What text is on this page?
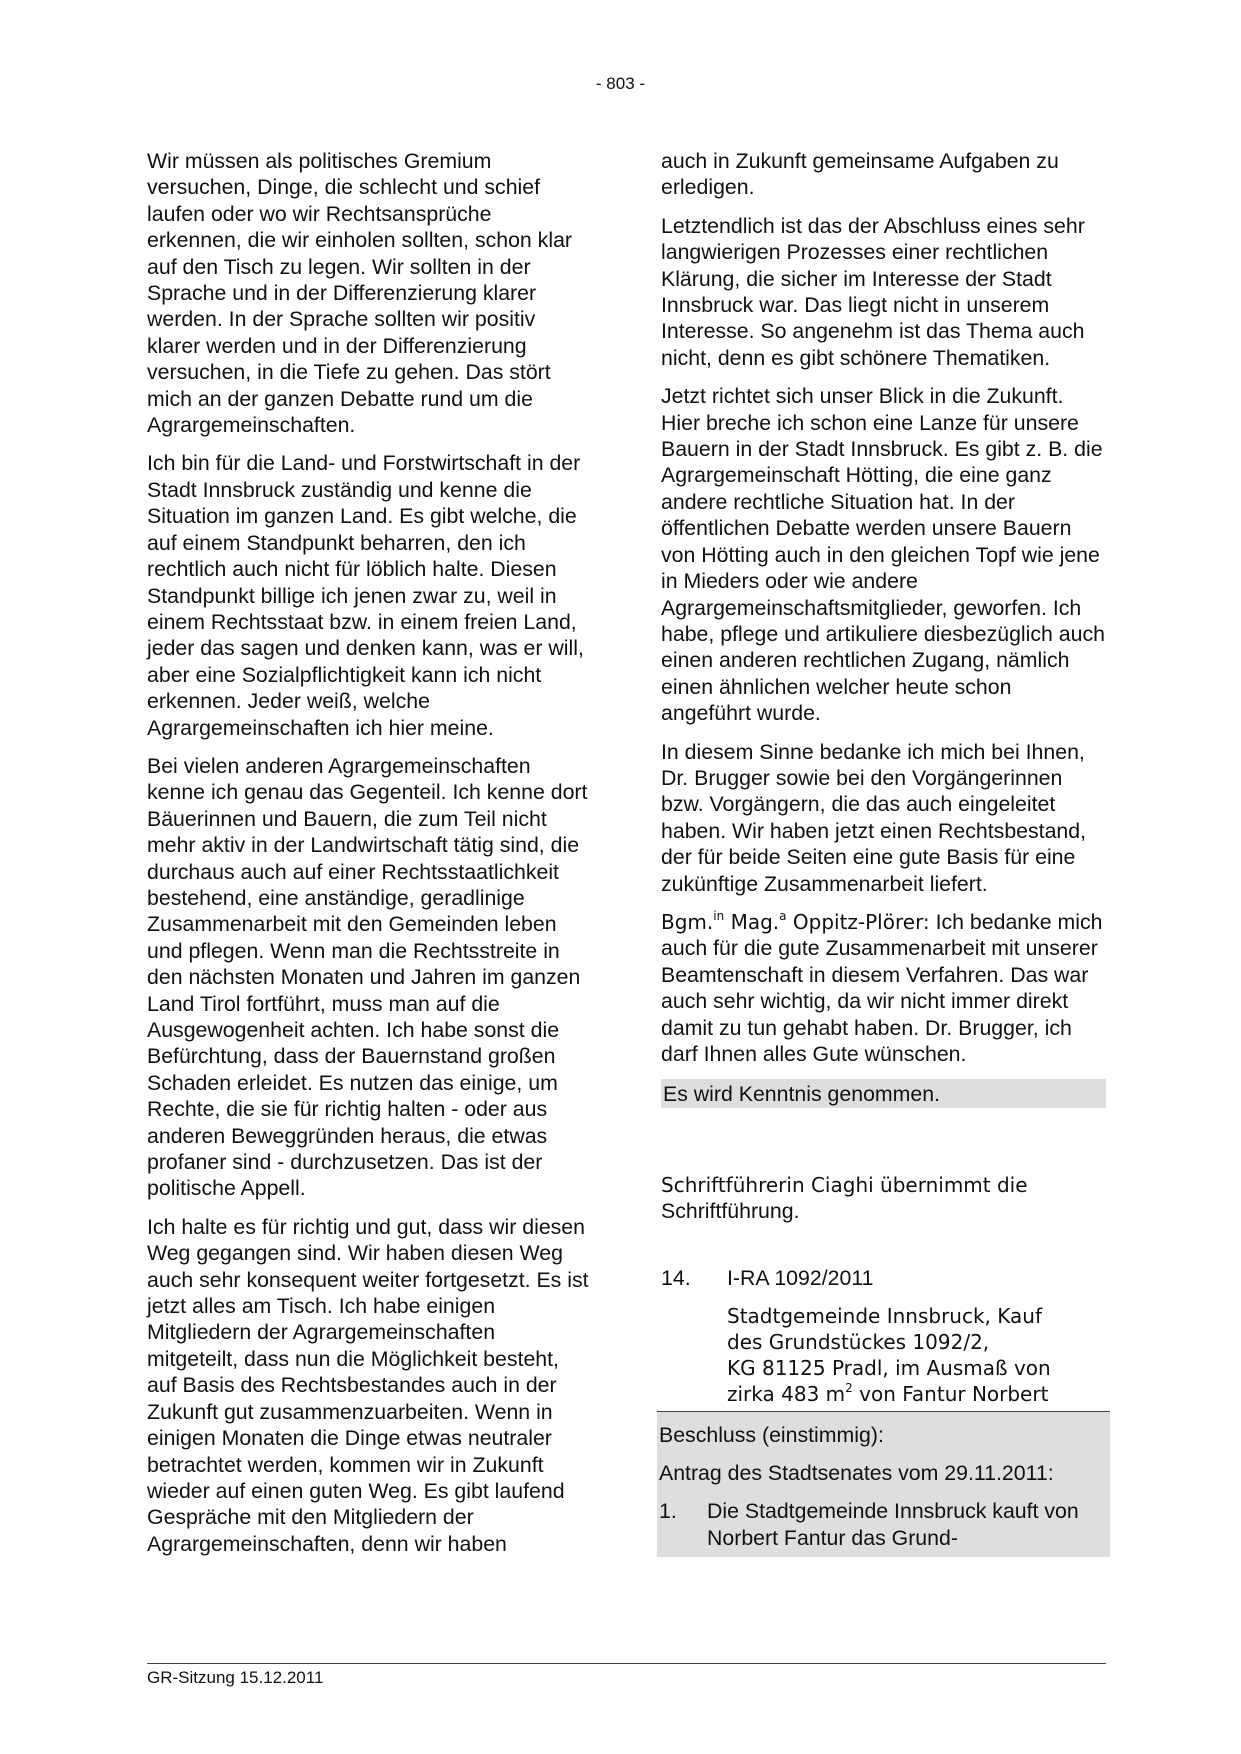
- 803 -

Wir müssen als politisches Gremium versuchen, Dinge, die schlecht und schief laufen oder wo wir Rechtsansprüche erkennen, die wir einholen sollten, schon klar auf den Tisch zu legen. Wir sollten in der Sprache und in der Differenzierung klarer werden. In der Sprache sollten wir positiv klarer werden und in der Differenzierung versuchen, in die Tiefe zu gehen. Das stört mich an der ganzen Debatte rund um die Agrargemeinschaften.

Ich bin für die Land- und Forstwirtschaft in der Stadt Innsbruck zuständig und kenne die Situation im ganzen Land. Es gibt welche, die auf einem Standpunkt beharren, den ich rechtlich auch nicht für löblich halte. Diesen Standpunkt billige ich jenen zwar zu, weil in einem Rechtsstaat bzw. in einem freien Land, jeder das sagen und denken kann, was er will, aber eine Sozialpflichtigkeit kann ich nicht erkennen. Jeder weiß, welche Agrargemeinschaften ich hier meine.

Bei vielen anderen Agrargemeinschaften kenne ich genau das Gegenteil. Ich kenne dort Bäuerinnen und Bauern, die zum Teil nicht mehr aktiv in der Landwirtschaft tätig sind, die durchaus auch auf einer Rechtsstaatlichkeit bestehend, eine anständige, geradlinige Zusammenarbeit mit den Gemeinden leben und pflegen. Wenn man die Rechtsstreite in den nächsten Monaten und Jahren im ganzen Land Tirol fortführt, muss man auf die Ausgewogenheit achten. Ich habe sonst die Befürchtung, dass der Bauernstand großen Schaden erleidet. Es nutzen das einige, um Rechte, die sie für richtig halten - oder aus anderen Beweggründen heraus, die etwas profaner sind - durchzusetzen. Das ist der politische Appell.

Ich halte es für richtig und gut, dass wir diesen Weg gegangen sind. Wir haben diesen Weg auch sehr konsequent weiter fortgesetzt. Es ist jetzt alles am Tisch. Ich habe einigen Mitgliedern der Agrargemeinschaften mitgeteilt, dass nun die Möglichkeit besteht, auf Basis des Rechtsbestandes auch in der Zukunft gut zusammenzuarbeiten. Wenn in einigen Monaten die Dinge etwas neutraler betrachtet werden, kommen wir in Zukunft wieder auf einen guten Weg. Es gibt laufend Gespräche mit den Mitgliedern der Agrargemeinschaften, denn wir haben

auch in Zukunft gemeinsame Aufgaben zu erledigen.

Letztendlich ist das der Abschluss eines sehr langwierigen Prozesses einer rechtlichen Klärung, die sicher im Interesse der Stadt Innsbruck war. Das liegt nicht in unserem Interesse. So angenehm ist das Thema auch nicht, denn es gibt schönere Thematiken.

Jetzt richtet sich unser Blick in die Zukunft. Hier breche ich schon eine Lanze für unsere Bauern in der Stadt Innsbruck. Es gibt z. B. die Agrargemeinschaft Hötting, die eine ganz andere rechtliche Situation hat. In der öffentlichen Debatte werden unsere Bauern von Hötting auch in den gleichen Topf wie jene in Mieders oder wie andere Agrargemeinschaftsmitglieder, geworfen. Ich habe, pflege und artikuliere diesbezüglich auch einen anderen rechtlichen Zugang, nämlich einen ähnlichen welcher heute schon angeführt wurde.

In diesem Sinne bedanke ich mich bei Ihnen, Dr. Brugger sowie bei den Vorgängerinnen bzw. Vorgängern, die das auch eingeleitet haben. Wir haben jetzt einen Rechtsbestand, der für beide Seiten eine gute Basis für eine zukünftige Zusammenarbeit liefert.

Bgm.$^{in}$ Mag.$^a$ Oppitz-Plörer: Ich bedanke mich auch für die gute Zusammenarbeit mit unserer Beamtenschaft in diesem Verfahren. Das war auch sehr wichtig, da wir nicht immer direkt damit zu tun gehabt haben. Dr. Brugger, ich darf Ihnen alles Gute wünschen.

Es wird Kenntnis genommen.

Schriftführerin Ciaghi übernimmt die Schriftführung.

14. I-RA 1092/2011

Stadtgemeinde Innsbruck, Kauf
des Grundstückes 1092/2,
KG 81125 Pradl, im Ausmaß von
zirka 483 $m^2$ von Fantur Norbert

Beschluss (einstimmig):

Antrag des Stadtsenates vom 29.11.2011:

1. Die Stadtgemeinde Innsbruck kauft von Norbert Fantur das Grund-

GR-Sitzung 15.12.2011
